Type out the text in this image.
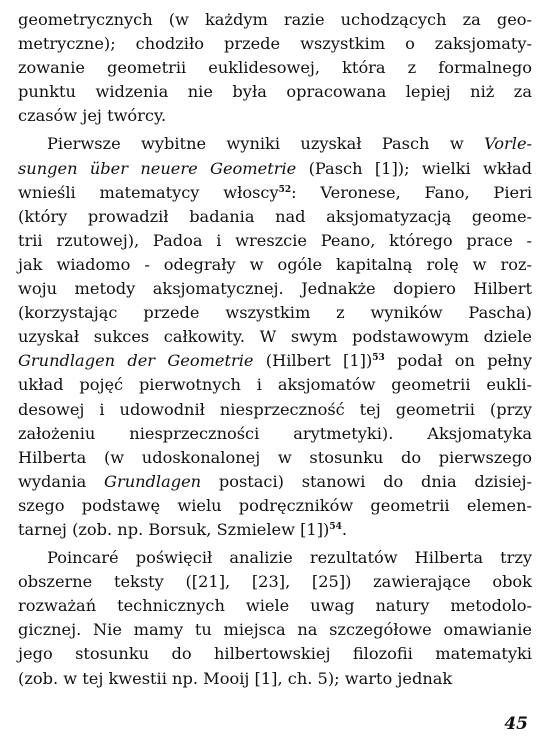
geometrycznych (w każdym razie uchodzących za geo-
metryczne); chodziło przede wszystkim o zaksjomaty-
zowanie geometrii euklidesowej, która z formalnego
punktu widzenia nie była opracowana lepiej niż za
czasów jej twórcy.
Pierwsze wybitne wyniki uzyskał Pasch w Vorle-
sungen über neuere Geometrie (Pasch [1]); wielki wkład
wnieśli matematycy włoscy$^{52}$: Veronese, Fano, Pieri
(który prowadził badania nad aksjomatyzacją geome-
trii rzutowej), Padoa i wreszcie Peano, którego prace -
jak wiadomo - odegrały w ogóle kapitalną rolę w roz-
woju metody aksjomatycznej. Jednakże dopiero Hilbert
(korzystając przede wszystkim z wyników Pascha)
uzyskał sukces całkowity. W swym podstawowym dziele
Grundlagen der Geometrie (Hilbert [1])$^{53}$ podał on pełny
układ pojęć pierwotnych i aksjomatów geometrii eukli-
desowej i udowodnił niesprzeczność tej geometrii (przy
założeniu niesprzeczności arytmetyki). Aksjomatyka
Hilberta (w udoskonalonej w stosunku do pierwszego
wydania Grundlagen postaci) stanowi do dnia dzisiej-
szego podstawę wielu podręczników geometrii elemen-
tarnej (zob. np. Borsuk, Szmielew [1])$^{54}$.
Poincaré poświęcił analizie rezultatów Hilberta trzy
obszerne teksty ([21], [23], [25]) zawierające obok
rozważań technicznych wiele uwag natury metodolo-
gicznej. Nie mamy tu miejsca na szczegółowe omawianie
jego stosunku do hilbertowskiej filozofii matematyki
(zob. w tej kwestii np. Mooij [1], ch. 5); warto jednak
45
